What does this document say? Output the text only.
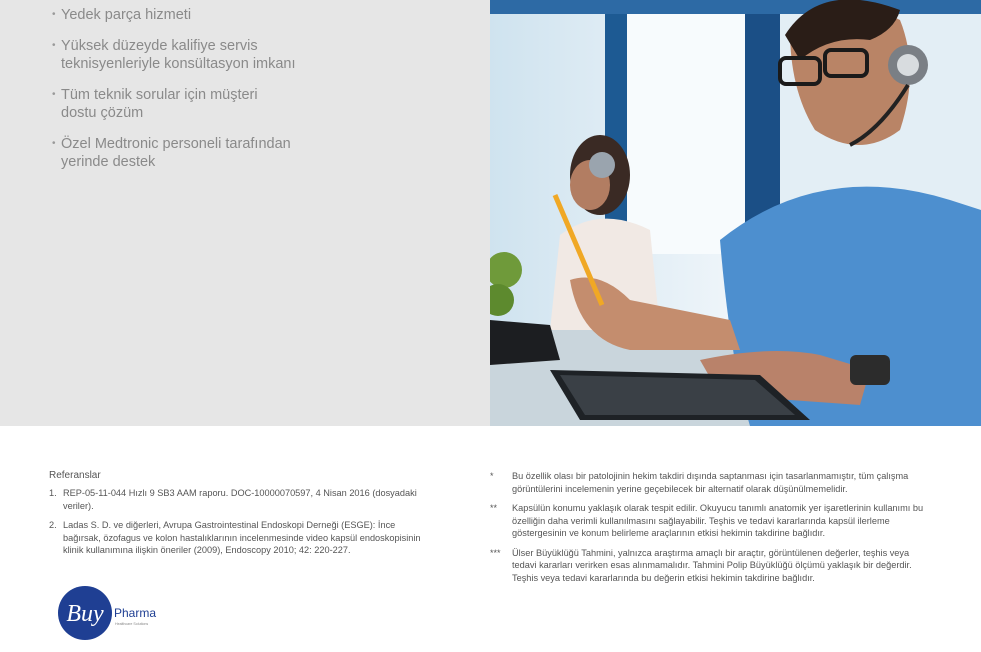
• Yedek parça hizmeti
• Yüksek düzeyde kalifiye servis teknisyenleriyle konsültasyon imkanı
• Tüm teknik sorular için müşteri dostu çözüm
• Özel Medtronic personeli tarafından yerinde destek
Referanslar
1. REP-05-11-044 Hızlı 9 SB3 AAM raporu. DOC-10000070597, 4 Nisan 2016 (dosyadaki veriler).
2. Ladas S. D. ve diğerleri, Avrupa Gastrointestinal Endoskopi Derneği (ESGE): İnce bağırsak, özofagus ve kolon hastalıklarının incelenmesinde video kapsül endoskopisinin klinik kullanımına ilişkin öneriler (2009), Endoscopy 2010; 42: 220-227.
* Bu özellik olası bir patolojinin hekim takdiri dışında saptanması için tasarlanmamıştır, tüm çalışma görüntülerini incelemenin yerine geçebilecek bir alternatif olarak düşünülmemelidir.
** Kapsülün konumu yaklaşık olarak tespit edilir. Okuyucu tanımlı anatomik yer işaretlerinin kullanımı bu özelliğin daha verimli kullanılmasını sağlayabilir. Teşhis ve tedavi kararlarında kapsül ilerleme göstergesinin ve konum belirleme araçlarının etkisi hekimin takdirine bağlıdır.
*** Ülser Büyüklüğü Tahmini, yalnızca araştırma amaçlı bir araçtır, görüntülenen değerler, teşhis veya tedavi kararları verirken esas alınmamalıdır. Tahmini Polip Büyüklüğü ölçümü yaklaşık bir değerdir. Teşhis veya tedavi kararlarında bu değerin etkisi hekimin takdirine bağlıdır.
Buy Pharma
Healthcare Solutions
